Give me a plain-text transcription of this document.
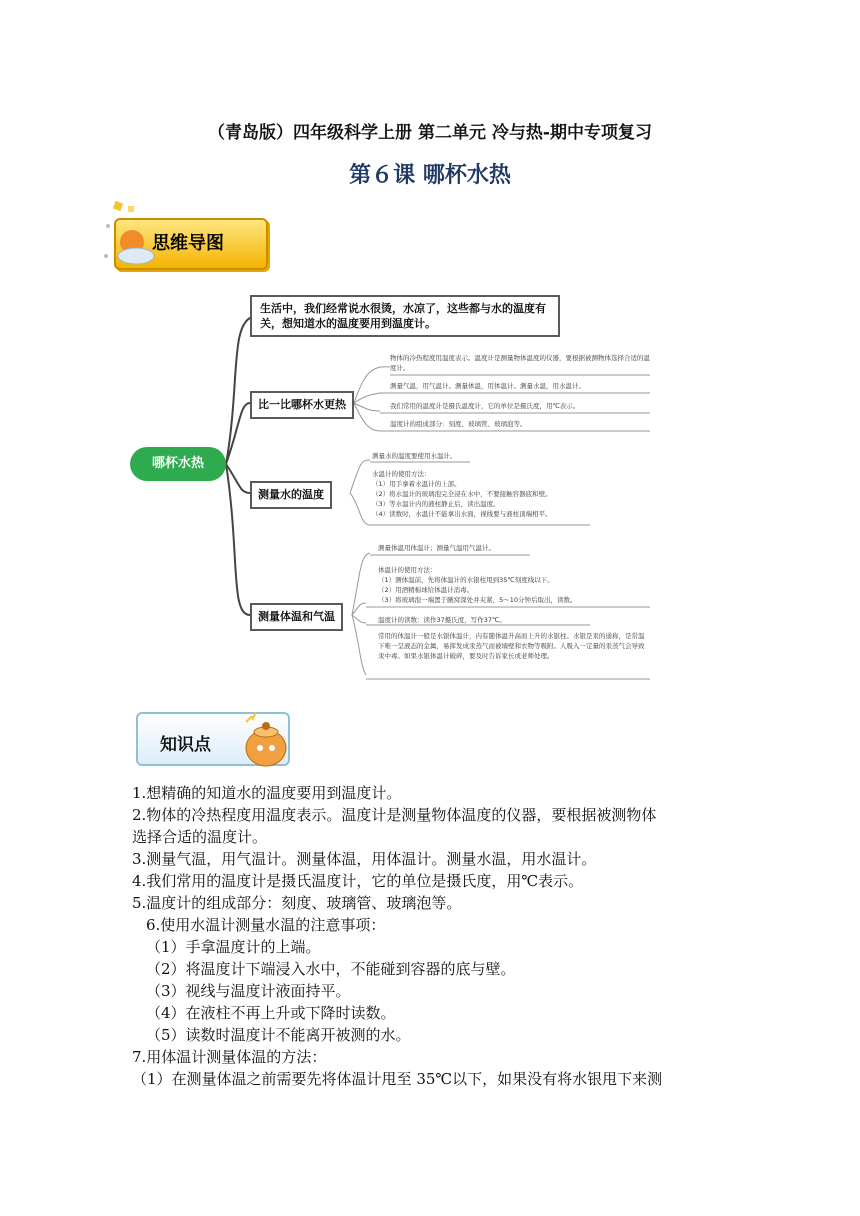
（青岛版）四年级科学上册 第二单元 冷与热-期中专项复习
第６课 哪杯水热
思维导图
哪杯水热
生活中，我们经常说水很烫，水凉了，这些都与水的温度有关，想知道水的温度要用到温度计。
比一比哪杯水更热
测量水的温度
测量体温和气温
物体的冷热程度用温度表示。温度计是测量物体温度的仪器，要根据被测物体选择合适的温度计。
测量气温，用气温计。测量体温，用体温计。测量水温，用水温计。
我们常用的温度计是摄氏温度计，它的单位是摄氏度，用℃表示。
温度计的组成部分：刻度、玻璃管、玻璃泡等。
测量水的温度要使用水温计。
水温计的使用方法：
（1）用手拿着水温计的上部。
（2）将水温计的玻璃泡完全浸在水中，不要接触容器底和壁。
（3）等水温计内的液柱静止后，读出温度。
（4）读数时，水温计不能拿出水面，视线要与液柱顶端相平。
测量体温用体温计；测量气温用气温计。
体温计的使用方法：
（1）测体温前，先将体温计的水银柱甩到35℃刻度线以下。
（2）用酒精棉球给体温计消毒。
（3）将玻璃泡一端置于腋窝深处并夹紧，5～10分钟后取出，读数。
温度计的读数：读作37摄氏度，写作37℃。
常用的体温计一般是水银体温计，内有随体温升高而上升的水银柱。水银是汞的通称，是常温下唯一呈液态的金属，易挥发成汞蒸气而被墙壁和衣物等吸附。人吸入一定量的汞蒸气会导致汞中毒。如果水银体温计破碎，要及时告诉家长或老师处理。
知识点
1.想精确的知道水的温度要用到温度计。
2.物体的冷热程度用温度表示。温度计是测量物体温度的仪器，要根据被测物体
选择合适的温度计。
3.测量气温，用气温计。测量体温，用体温计。测量水温，用水温计。
4.我们常用的温度计是摄氏温度计，它的单位是摄氏度，用℃表示。
5.温度计的组成部分：刻度、玻璃管、玻璃泡等。
6.使用水温计测量水温的注意事项：
（1）手拿温度计的上端。
（2）将温度计下端浸入水中，不能碰到容器的底与壁。
（3）视线与温度计液面持平。
（4）在液柱不再上升或下降时读数。
（5）读数时温度计不能离开被测的水。
7.用体温计测量体温的方法：
（1）在测量体温之前需要先将体温计甩至 35℃以下，如果没有将水银甩下来测
